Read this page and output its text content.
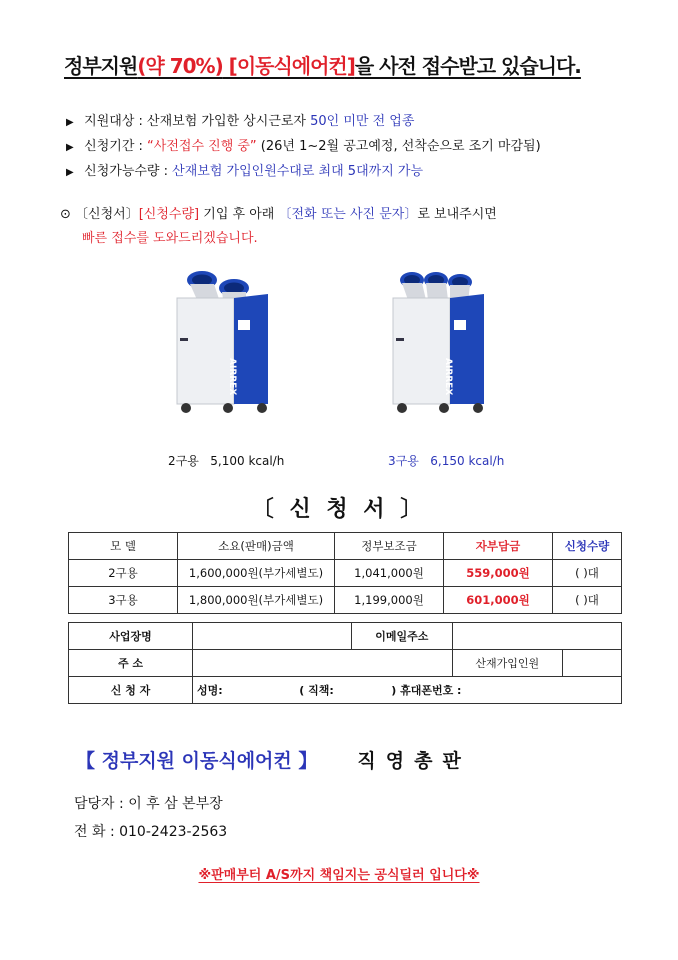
정부지원(약 70%) [이동식에어컨]을 사전 접수받고 있습니다.
▶ 지원대상 : 산재보험 가입한 상시근로자 50인 미만 전 업종
▶ 신청기간 : “사전접수 진행 중” (26년 1~2월 공고예정, 선착순으로 조기 마감됨)
▶ 신청가능수량 : 산재보험 가입인원수대로 최대 5대까지 가능
⊙ 〔신청서〕[신청수량] 기입 후 아래 〔전화 또는 사진 문자〕로 보내주시면
빠른 접수를 도와드리겠습니다.
AIRREX
2구용 5,100 kcal/h
AIRREX
3구용 6,150 kcal/h
〔 신 청 서 〕
모 델	소요(판매)금액	정부보조금	자부담금	신청수량
2구용	1,600,000원(부가세별도)	1,041,000원	559,000원	( )대
3구용	1,800,000원(부가세별도)	1,199,000원	601,000원	( )대
사업장명		이메일주소		
주 소			산재가입인원	
신 청 자	성명:                    ( 직책:               ) 휴대폰번호 :			
【 정부지원 이동식에어컨 】 직영총판
담당자 : 이 후 삼 본부장
전 화 : 010-2423-2563
※판매부터 A/S까지 책임지는 공식딜러 입니다※
